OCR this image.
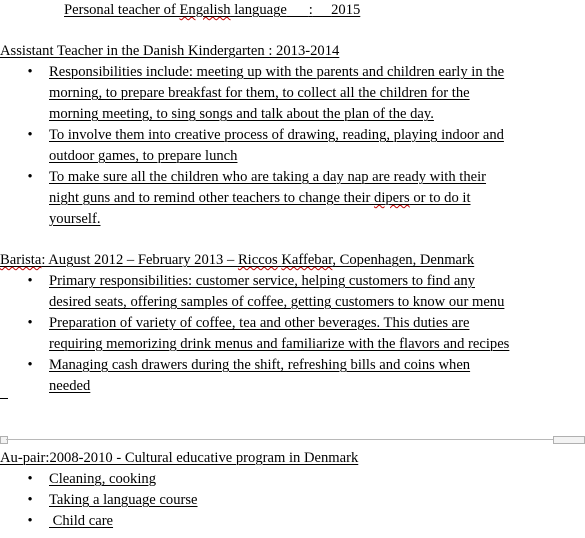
Personal teacher of Engalish language : 2015
Assistant Teacher in the Danish Kindergarten : 2013-2014
• Responsibilities include: meeting up with the parents and children early in the
morning, to prepare breakfast for them, to collect all the children for the
morning meeting, to sing songs and talk about the plan of the day.
• To involve them into creative process of drawing, reading, playing indoor and
outdoor games, to prepare lunch
• To make sure all the children who are taking a day nap are ready with their
night guns and to remind other teachers to change their dipers or to do it
yourself.
Barista: August 2012 – February 2013 – Riccos Kaffebar, Copenhagen, Denmark
• Primary responsibilities: customer service, helping customers to find any
desired seats, offering samples of coffee, getting customers to know our menu
• Preparation of variety of coffee, tea and other beverages. This duties are
requiring memorizing drink menus and familiarize with the flavors and recipes
• Managing cash drawers during the shift, refreshing bills and coins when
needed
Au-pair:2008-2010 - Cultural educative program in Denmark
• Cleaning, cooking
• Taking a language course
• Child care
